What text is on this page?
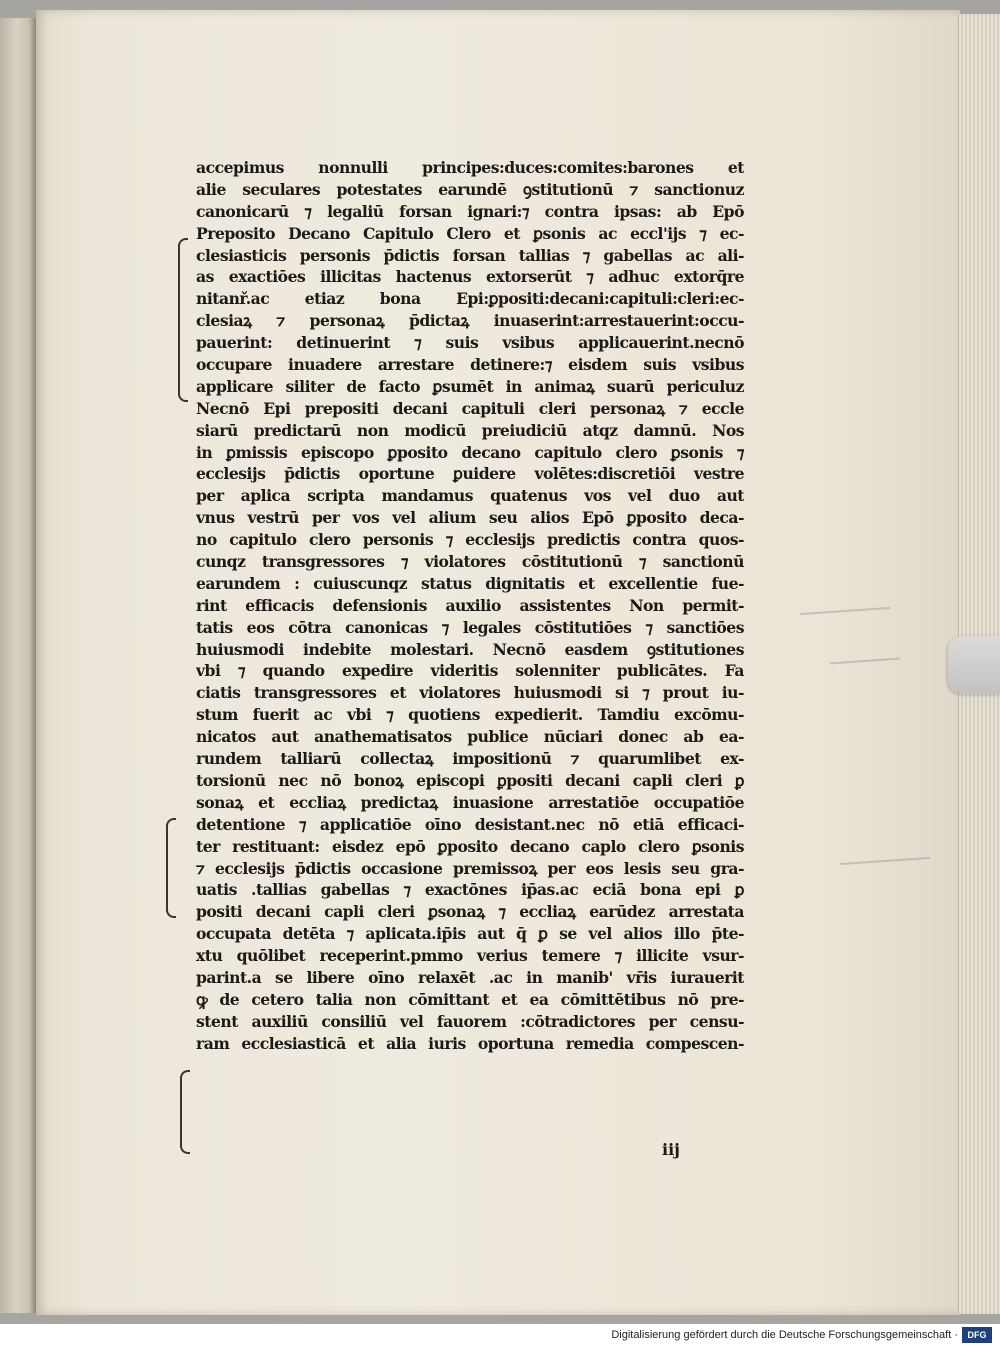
accepimus nonnulli principes:duces:comites:barones et
alie seculares potestates earundē ꝯstitutionū ⁊ sanctionuz
canonicarū ⁊ legaliū forsan ignari:⁊ contra ipsas: ab Epō
Preposito Decano Capitulo Clero et ꝑsonis ac eccl'ijs ⁊ ec-
clesiasticis personis p̄dictis forsan tallias ⁊ gabellas ac ali-
as exactiōes illicitas hactenus extorserūt ⁊ adhuc extorq̄re
nitanř.ac etiaz bona Epi:ꝑpositi:decani:capituli:cleri:ec-
clesiaꝝ ⁊ personaꝝ p̄dictaꝝ inuaserint:arrestauerint:occu-
pauerint: detinuerint ⁊ suis vsibus applicauerint.necnō
occupare inuadere arrestare detinere:⁊ eisdem suis vsibus
applicare siliter de facto ꝑsumēt in animaꝝ suarū periculuz
Necnō Epi prepositi decani capituli cleri personaꝝ ⁊ eccle
siarū predictarū non modicū preiudiciū atqz damnū. Nos
in ꝑmissis episcopo ꝑposito decano capitulo clero ꝑsonis ⁊
ecclesijs p̄dictis oportune ꝑuidere volētes:discretiōi vestre
per aplica scripta mandamus quatenus vos vel duo aut
vnus vestrū per vos vel alium seu alios Epō ꝑposito deca-
no capitulo clero personis ⁊ ecclesijs predictis contra quos-
cunqz transgressores ⁊ violatores cōstitutionū ⁊ sanctionū
earundem : cuiuscunqz status dignitatis et excellentie fue-
rint efficacis defensionis auxilio assistentes Non permit-
tatis eos cōtra canonicas ⁊ legales cōstitutiōes ⁊ sanctiōes
huiusmodi indebite molestari. Necnō easdem ꝯstitutiones
vbi ⁊ quando expedire videritis solenniter publicātes. Fa
ciatis transgressores et violatores huiusmodi si ⁊ prout iu-
stum fuerit ac vbi ⁊ quotiens expedierit. Tamdiu excōmu-
nicatos aut anathematisatos publice nūciari donec ab ea-
rundem talliarū collectaꝝ impositionū ⁊ quarumlibet ex-
torsionū nec nō bonoꝝ episcopi ꝑpositi decani capli cleri ꝑ
sonaꝝ et eccliaꝝ predictaꝝ inuasione arrestatiōe occupatiōe
detentione ⁊ applicatiōe oīno desistant.nec nō etiā efficaci-
ter restituant: eisdez epō ꝑposito decano caplo clero ꝑsonis
⁊ ecclesijs p̄dictis occasione premissoꝝ per eos lesis seu gra-
uatis .tallias gabellas ⁊ exactōnes ip̄as.ac eciā bona epi ꝑ
positi decani capli cleri ꝑsonaꝝ ⁊ eccliaꝝ earūdez arrestata
occupata detēta ⁊ aplicata.ip̄is aut q̄ ꝑ se vel alios illo p̄te-
xtu quōlibet receperint.pmmo verius temere ⁊ illicite vsur-
parint.a se libere oīno relaxēt .ac in manib' vr̄is iurauerit
ꝙ de cetero talia non cōmittant et ea cōmittētibus nō pre-
stent auxiliū consiliū vel fauorem :cōtradictores per censu-
ram ecclesiasticā et alia iuris oportuna remedia compescen-
iij
Digitalisierung gefördert durch die Deutsche Forschungsgemeinschaft ·	DFG
